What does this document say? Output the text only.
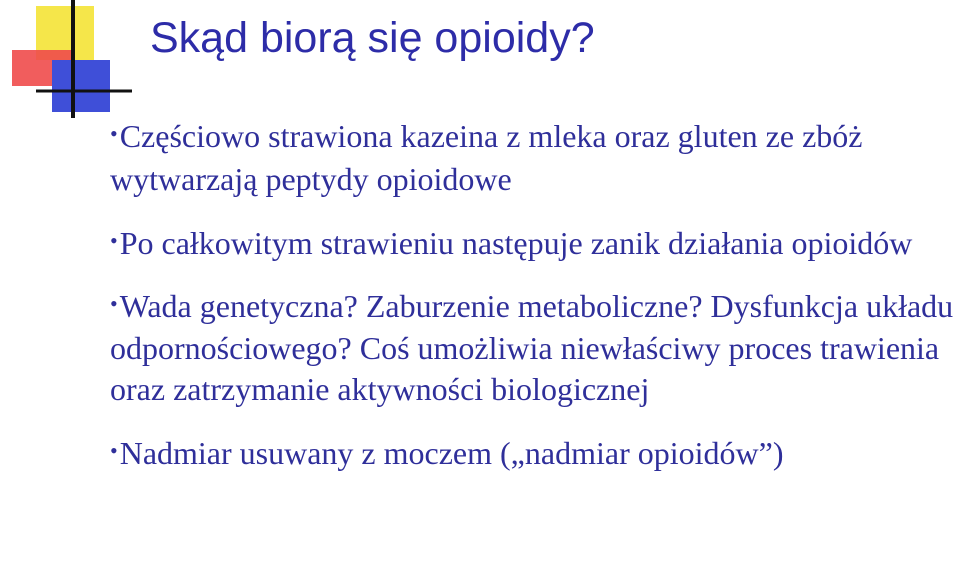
Skąd biorą się opioidy?
•Częściowo strawiona kazeina z mleka oraz gluten ze zbóż wytwarzają peptydy opioidowe
•Po całkowitym strawieniu następuje zanik działania opioidów
•Wada genetyczna? Zaburzenie metaboliczne? Dysfunkcja układu odpornościowego? Coś umożliwia niewłaściwy proces trawienia oraz zatrzymanie aktywności biologicznej
•Nadmiar usuwany z moczem („nadmiar opioidów”)
